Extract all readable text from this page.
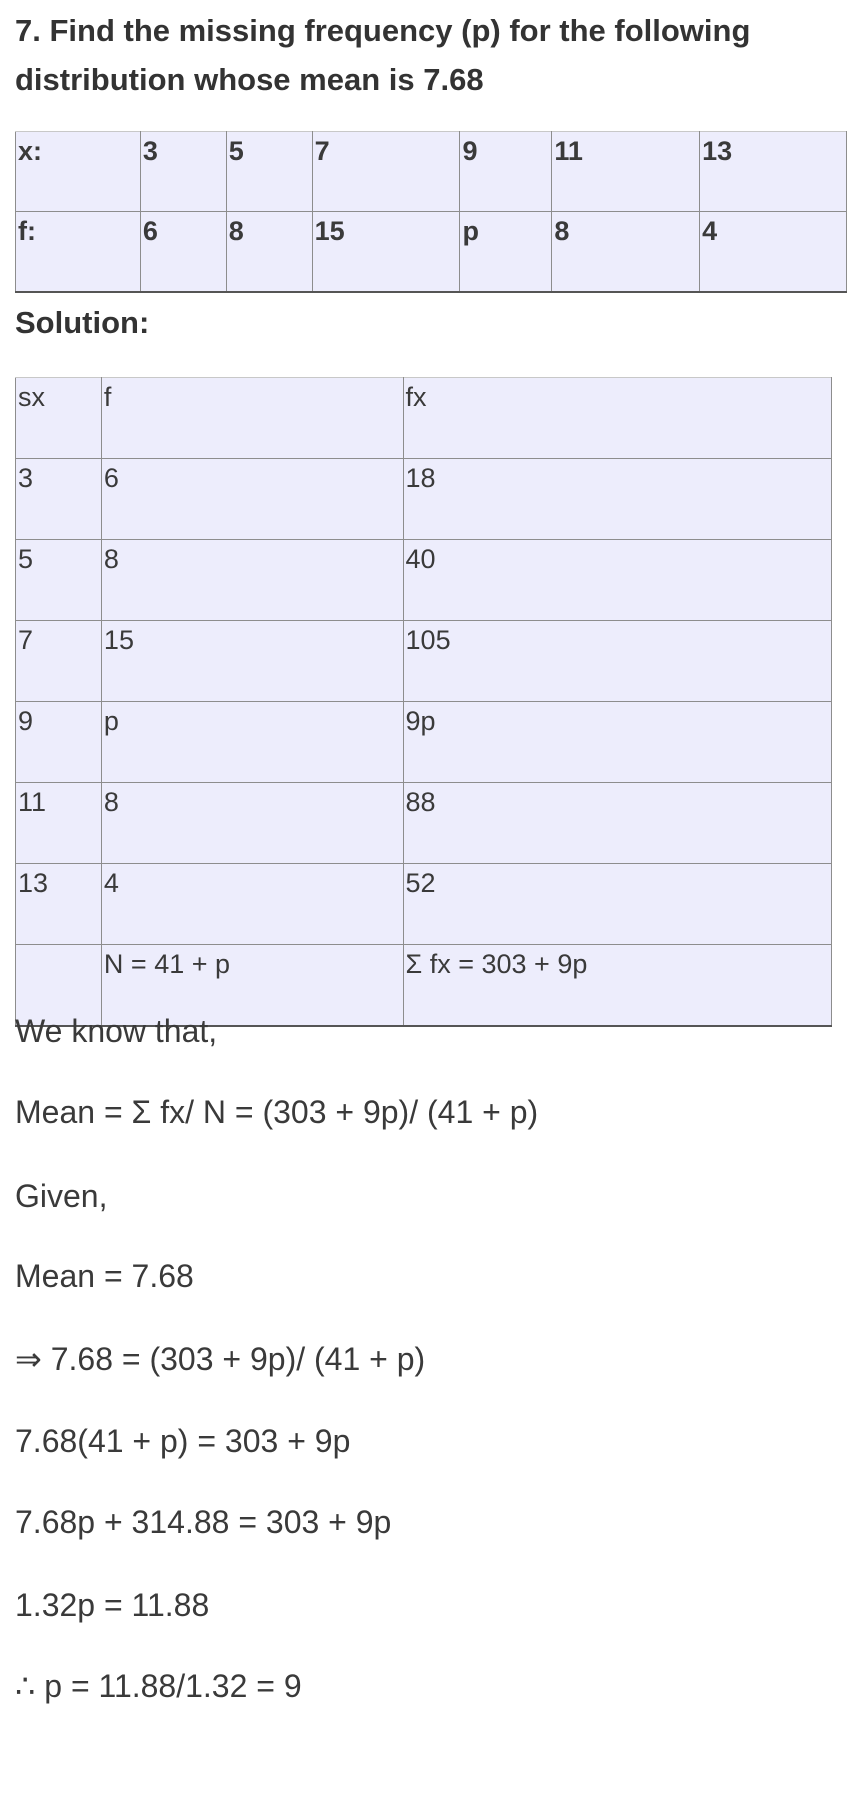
7. Find the missing frequency (p) for the following distribution whose mean is 7.68

x:	3	5	7	9	11	13

f:	6	8	15	p	8	4
Solution:
sx	f	fx

3	6	18

5	8	40

7	15	105

9	p	9p

11	8	88

13	4	52

	N = 41 + p	Σ fx = 303 + 9p

We know that,

Mean = Σ fx/ N = (303 + 9p)/ (41 + p)

Given,

Mean = 7.68

⇒ 7.68 = (303 + 9p)/ (41 + p)

7.68(41 + p) = 303 + 9p

7.68p + 314.88 = 303 + 9p

1.32p = 11.88

∴ p = 11.88/1.32 = 9
